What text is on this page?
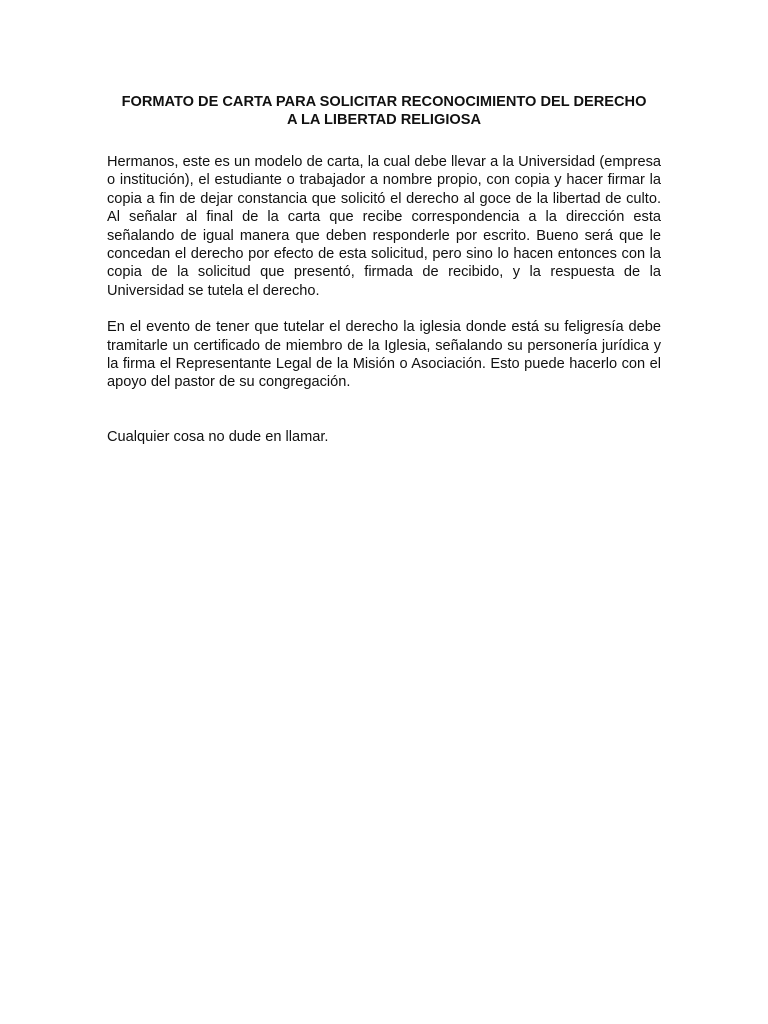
FORMATO DE CARTA PARA SOLICITAR RECONOCIMIENTO DEL DERECHO
A LA LIBERTAD RELIGIOSA

Hermanos, este es un modelo de carta, la cual debe llevar a la Universidad (empresa o institución), el estudiante o trabajador a nombre propio, con copia y hacer firmar la copia a fin de dejar constancia que solicitó el derecho al goce de la libertad de culto. Al señalar al final de la carta que recibe correspondencia a la dirección esta señalando de igual manera que deben responderle por escrito. Bueno será que le concedan el derecho por efecto de esta solicitud, pero sino lo hacen entonces con la copia de la solicitud que presentó, firmada de recibido, y la respuesta de la Universidad se tutela el derecho.

En el evento de tener que tutelar el derecho la iglesia donde está su feligresía debe tramitarle un certificado de miembro de la Iglesia, señalando su personería jurídica y la firma el Representante Legal de la Misión o Asociación. Esto puede hacerlo con el apoyo del pastor de su congregación.

Cualquier cosa no dude en llamar.
